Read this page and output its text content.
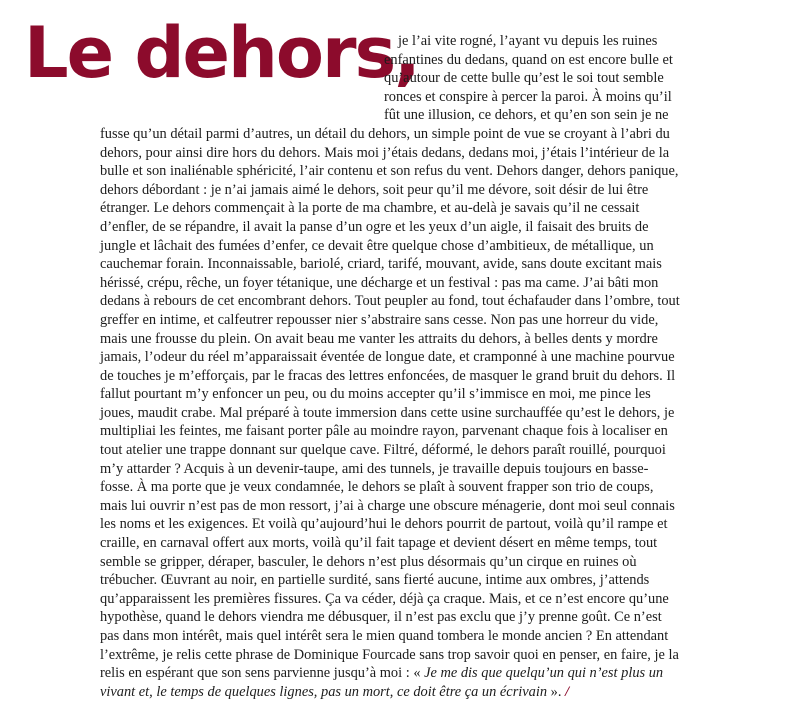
Le dehors,
je l’ai vite rogné, l’ayant vu depuis les ruines
enfantines du dedans, quand on est encore bulle et
qu’autour de cette bulle qu’est le soi tout semble
ronces et conspire à percer la paroi. À moins qu’il
fût une illusion, ce dehors, et qu’en son sein je ne
fusse qu’un détail parmi d’autres, un détail du dehors, un simple point de vue se croyant à l’abri du
dehors, pour ainsi dire hors du dehors. Mais moi j’étais dedans, dedans moi, j’étais l’intérieur de la
bulle et son inaliénable sphéricité, l’air contenu et son refus du vent. Dehors danger, dehors panique,
dehors débordant : je n’ai jamais aimé le dehors, soit peur qu’il me dévore, soit désir de lui être
étranger. Le dehors commençait à la porte de ma chambre, et au-delà je savais qu’il ne cessait
d’enfler, de se répandre, il avait la panse d’un ogre et les yeux d’un aigle, il faisait des bruits de
jungle et lâchait des fumées d’enfer, ce devait être quelque chose d’ambitieux, de métallique, un
cauchemar forain. Inconnaissable, bariolé, criard, tarifé, mouvant, avide, sans doute excitant mais
hérissé, crépu, rêche, un foyer tétanique, une décharge et un festival : pas ma came. J’ai bâti mon
dedans à rebours de cet encombrant dehors. Tout peupler au fond, tout échafauder dans l’ombre, tout
greffer en intime, et calfeutrer repousser nier s’abstraire sans cesse. Non pas une horreur du vide,
mais une frousse du plein. On avait beau me vanter les attraits du dehors, à belles dents y mordre
jamais, l’odeur du réel m’apparaissait éventée de longue date, et cramponné à une machine pourvue
de touches je m’efforçais, par le fracas des lettres enfoncées, de masquer le grand bruit du dehors. Il
fallut pourtant m’y enfoncer un peu, ou du moins accepter qu’il s’immisce en moi, me pince les
joues, maudit crabe. Mal préparé à toute immersion dans cette usine surchauffée qu’est le dehors, je
multipliai les feintes, me faisant porter pâle au moindre rayon, parvenant chaque fois à localiser en
tout atelier une trappe donnant sur quelque cave. Filtré, déformé, le dehors paraît rouillé, pourquoi
m’y attarder ? Acquis à un devenir-taupe, ami des tunnels, je travaille depuis toujours en basse-
fosse. À ma porte que je veux condamnée, le dehors se plaît à souvent frapper son trio de coups,
mais lui ouvrir n’est pas de mon ressort, j’ai à charge une obscure ménagerie, dont moi seul connais
les noms et les exigences. Et voilà qu’aujourd’hui le dehors pourrit de partout, voilà qu’il rampe et
craille, en carnaval offert aux morts, voilà qu’il fait tapage et devient désert en même temps, tout
semble se gripper, déraper, basculer, le dehors n’est plus désormais qu’un cirque en ruines où
trébucher. Œuvrant au noir, en partielle surdité, sans fierté aucune, intime aux ombres, j’attends
qu’apparaissent les premières fissures. Ça va céder, déjà ça craque. Mais, et ce n’est encore qu’une
hypothèse, quand le dehors viendra me débusquer, il n’est pas exclu que j’y prenne goût. Ce n’est
pas dans mon intérêt, mais quel intérêt sera le mien quand tombera le monde ancien ? En attendant
l’extrême, je relis cette phrase de Dominique Fourcade sans trop savoir quoi en penser, en faire, je la
relis en espérant que son sens parvienne jusqu’à moi : « Je me dis que quelqu’un qui n’est plus un
vivant et, le temps de quelques lignes, pas un mort, ce doit être ça un écrivain ». /
